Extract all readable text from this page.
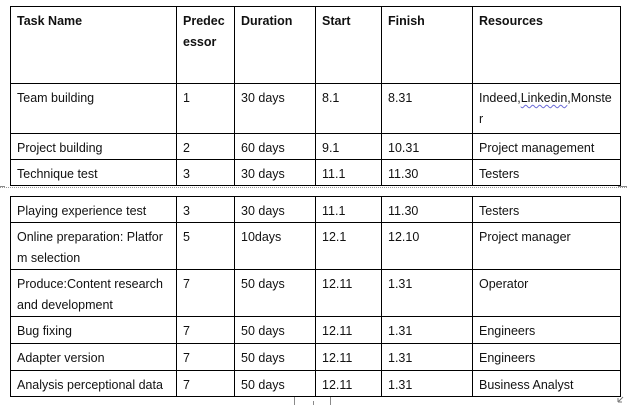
Task Name	Predec essor	Duration	Start	Finish	Resources
Team building	1	30 days	8.1	8.31	Indeed,Linkedin,Monster
Project building	2	60 days	9.1	10.31	Project management
Technique test	3	30 days	11.1	11.30	Testers
Playing experience test	3	30 days	11.1	11.30	Testers
Online preparation: Platform selection	5	10days	12.1	12.10	Project manager
Produce:Content research and development	7	50 days	12.11	1.31	Operator
Bug fixing	7	50 days	12.11	1.31	Engineers
Adapter version	7	50 days	12.11	1.31	Engineers
Analysis perceptional data	7	50 days	12.11	1.31	Business Analyst
